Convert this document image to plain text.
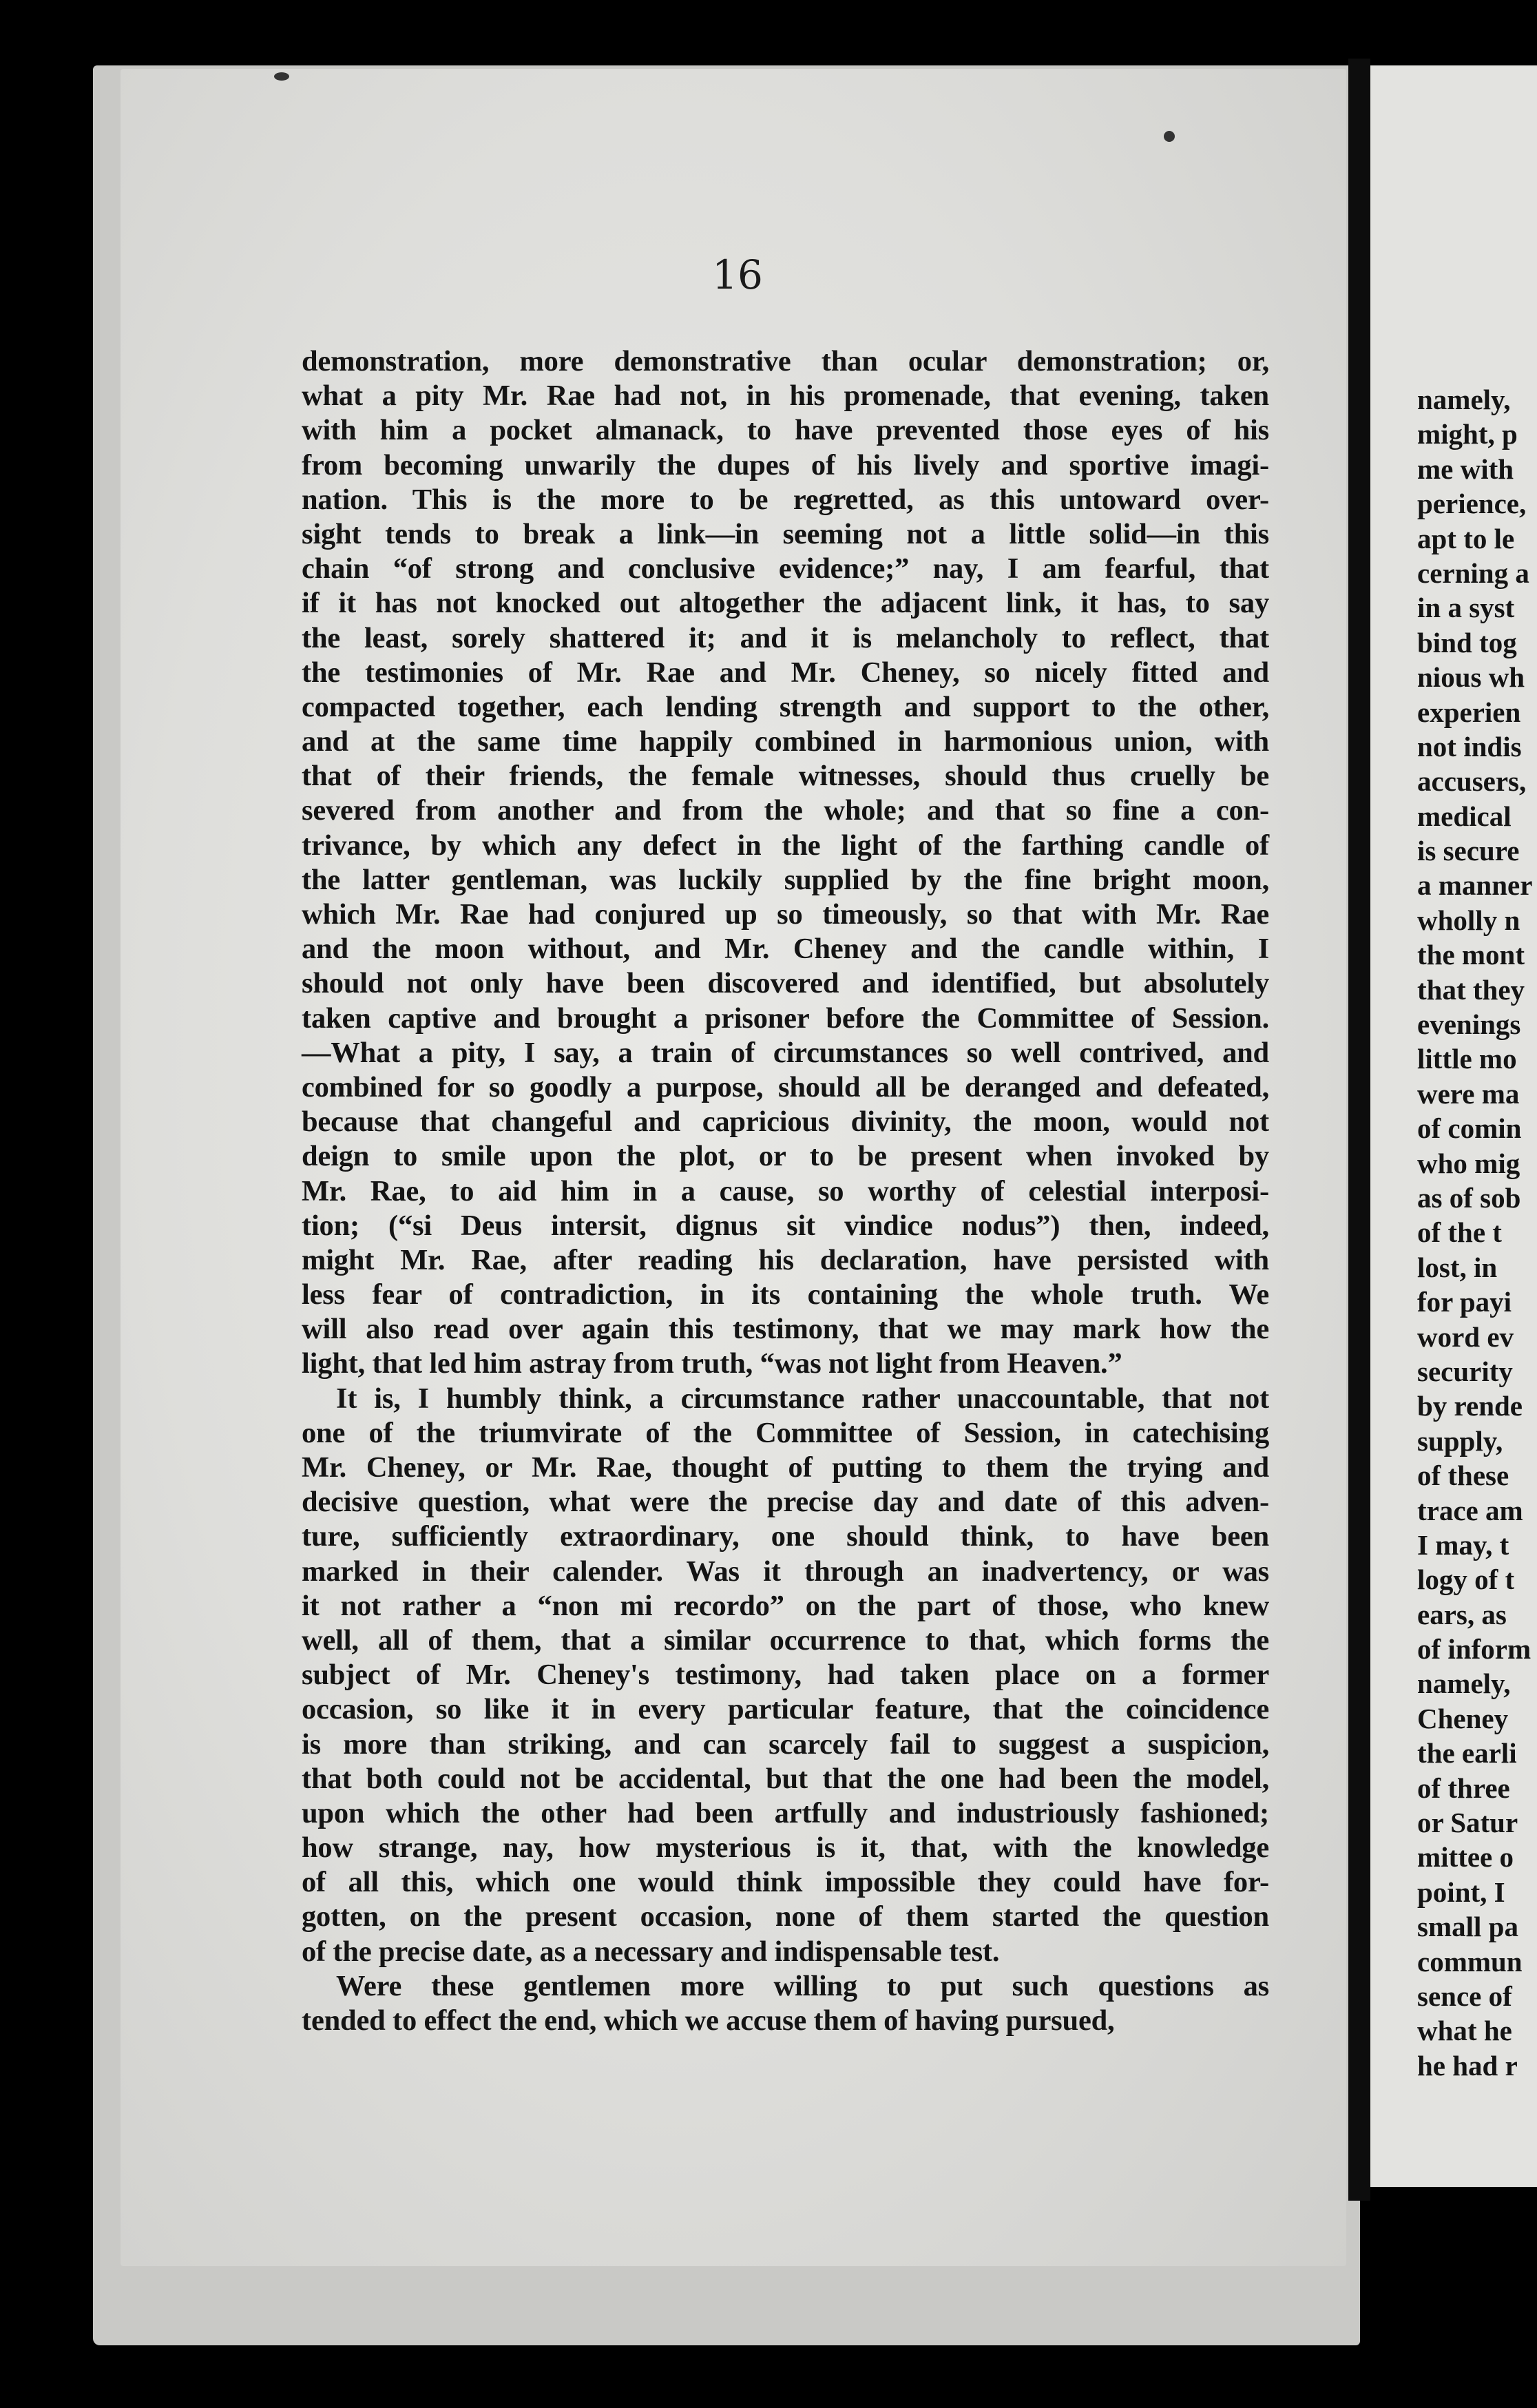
16
demonstration, more demonstrative than ocular demonstration; or,
what a pity Mr. Rae had not, in his promenade, that evening, taken
with him a pocket almanack, to have prevented those eyes of his
from becoming unwarily the dupes of his lively and sportive imagi-
nation. This is the more to be regretted, as this untoward over-
sight tends to break a link—in seeming not a little solid—in this
chain “of strong and conclusive evidence;” nay, I am fearful, that
if it has not knocked out altogether the adjacent link, it has, to say
the least, sorely shattered it; and it is melancholy to reflect, that
the testimonies of Mr. Rae and Mr. Cheney, so nicely fitted and
compacted together, each lending strength and support to the other,
and at the same time happily combined in harmonious union, with
that of their friends, the female witnesses, should thus cruelly be
severed from another and from the whole; and that so fine a con-
trivance, by which any defect in the light of the farthing candle of
the latter gentleman, was luckily supplied by the fine bright moon,
which Mr. Rae had conjured up so timeously, so that with Mr. Rae
and the moon without, and Mr. Cheney and the candle within, I
should not only have been discovered and identified, but absolutely
taken captive and brought a prisoner before the Committee of Session.
—What a pity, I say, a train of circumstances so well contrived, and
combined for so goodly a purpose, should all be deranged and defeated,
because that changeful and capricious divinity, the moon, would not
deign to smile upon the plot, or to be present when invoked by
Mr. Rae, to aid him in a cause, so worthy of celestial interposi-
tion; (“si Deus intersit, dignus sit vindice nodus”) then, indeed,
might Mr. Rae, after reading his declaration, have persisted with
less fear of contradiction, in its containing the whole truth. We
will also read over again this testimony, that we may mark how the
light, that led him astray from truth, “was not light from Heaven.”
It is, I humbly think, a circumstance rather unaccountable, that not
one of the triumvirate of the Committee of Session, in catechising
Mr. Cheney, or Mr. Rae, thought of putting to them the trying and
decisive question, what were the precise day and date of this adven-
ture, sufficiently extraordinary, one should think, to have been
marked in their calender. Was it through an inadvertency, or was
it not rather a “non mi recordo” on the part of those, who knew
well, all of them, that a similar occurrence to that, which forms the
subject of Mr. Cheney's testimony, had taken place on a former
occasion, so like it in every particular feature, that the coincidence
is more than striking, and can scarcely fail to suggest a suspicion,
that both could not be accidental, but that the one had been the model,
upon which the other had been artfully and industriously fashioned;
how strange, nay, how mysterious is it, that, with the knowledge
of all this, which one would think impossible they could have for-
gotten, on the present occasion, none of them started the question
of the precise date, as a necessary and indispensable test.
Were these gentlemen more willing to put such questions as
tended to effect the end, which we accuse them of having pursued,
namely,
might, p
me with
perience,
apt to le
cerning a
in a syst
bind tog
nious wh
experien
not indis
accusers,
medical
is secure
a manner
wholly n
the mont
that they
evenings
little mo
were ma
of comin
who mig
as of sob
of the t
lost, in
for payi
word ev
security
by rende
supply,
of these
trace am
I may, t
logy of t
ears, as
of inform
namely,
Cheney
the earli
of three
or Satur
mittee o
point, I
small pa
commun
sence of
what he
he had r
